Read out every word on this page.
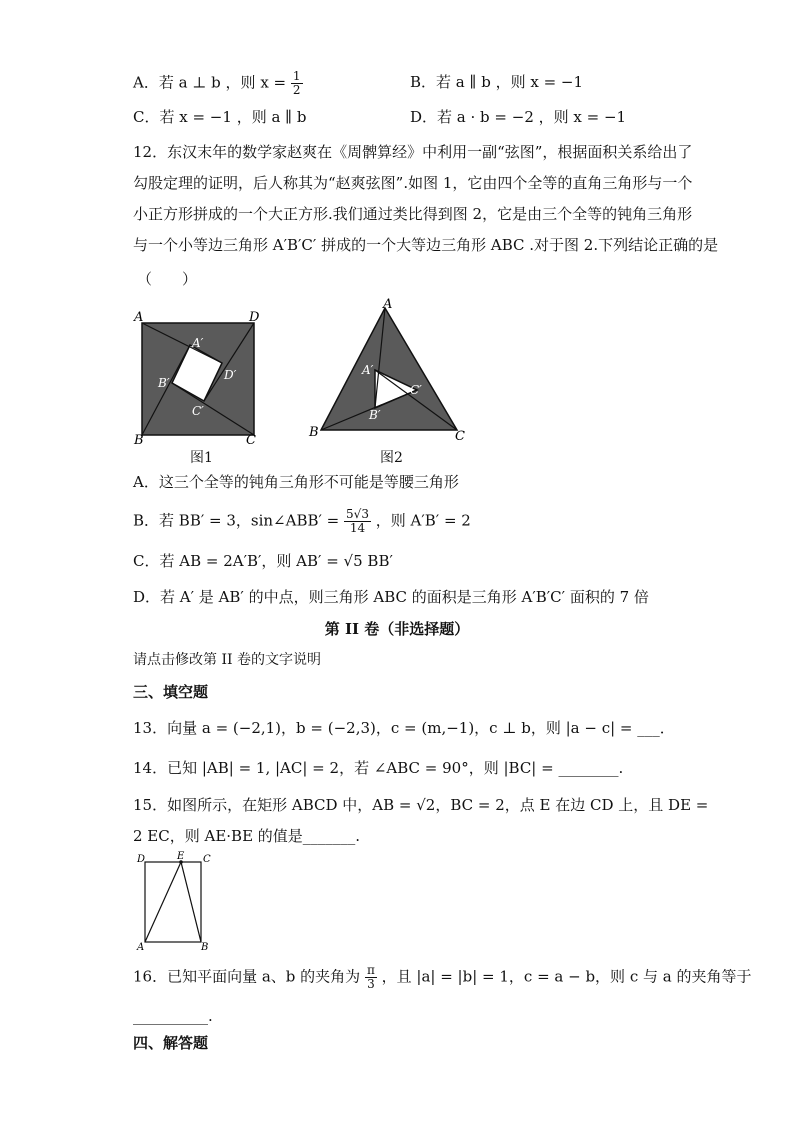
A．若 a ⊥ b ，则 $x = \frac{1}{2}$	B．若 a ∥ b ，则 x = −1
C．若 x = −1 ，则 a ∥ b	D．若 a · b = −2 ，则 x = −1
12．东汉末年的数学家赵爽在《周髀算经》中利用一副“弦图”，根据面积关系给出了
勾股定理的证明，后人称其为“赵爽弦图”.如图 1，它由四个全等的直角三角形与一个
小正方形拼成的一个大正方形.我们通过类比得到图 2，它是由三个全等的钝角三角形
与一个小等边三角形 A′B′C′ 拼成的一个大等边三角形 ABC .对于图 2.下列结论正确的是
（　　）
A	D
B	C
A′
D′
B′
C′
图1
A
B	C
A′
B′
C′
图2
A．这三个全等的钝角三角形不可能是等腰三角形
B．若 BB′ = 3，sin∠ABB′ = $\frac{5√3}{14}$ ，则 A′B′ = 2
C．若 AB = 2A′B′，则 AB′ = √5 BB′
D．若 A′ 是 AB′ 的中点，则三角形 ABC 的面积是三角形 A′B′C′ 面积的 7 倍
第 II 卷（非选择题）
请点击修改第 II 卷的文字说明
三、填空题
13．向量 a = (−2,1)，b = (−2,3)，c = (m,−1)，c ⊥ b，则 |a − c| = ___．
14．已知 |AB| = 1, |AC| = 2，若 ∠ABC = 90°，则 |BC| = ________.
15．如图所示，在矩形 ABCD 中，AB = √2，BC = 2，点 E 在边 CD 上，且 DE =
2 EC，则 AE·BE 的值是_______.
D	E C
A	B
16．已知平面向量 a、b 的夹角为 $\frac{\pi}{3}$ ，且 |a| = |b| = 1，c = a − b，则 c 与 a 的夹角等于
__________.
四、解答题
